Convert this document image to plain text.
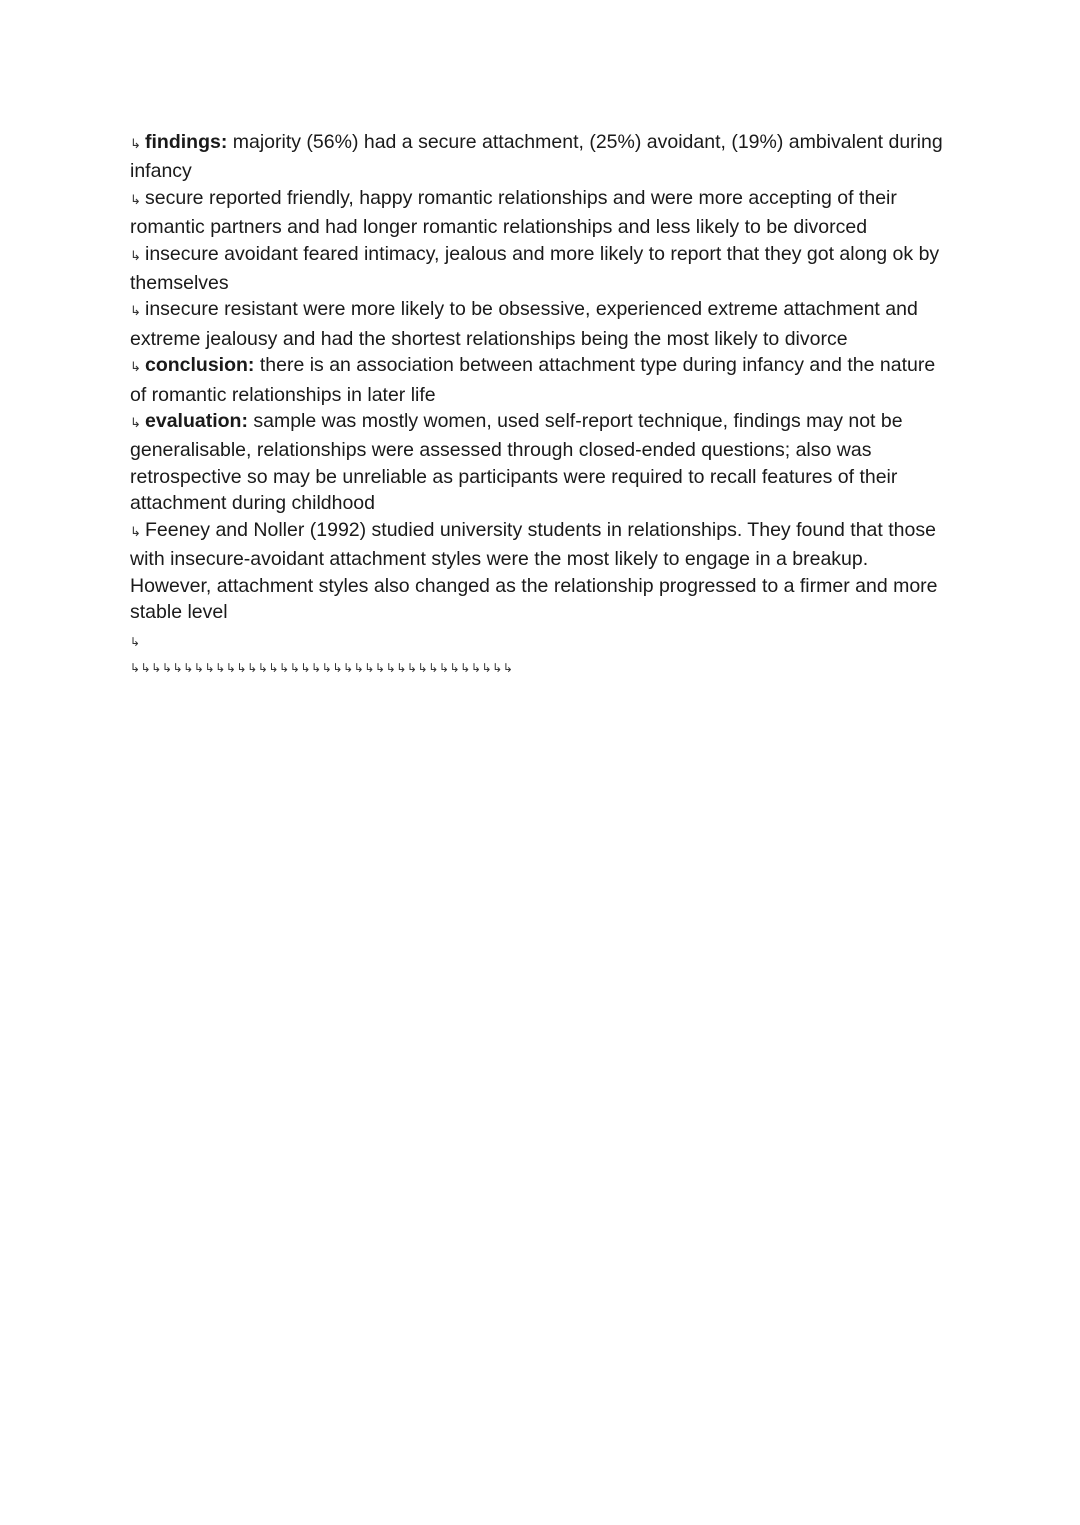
↳ findings: majority (56%) had a secure attachment, (25%) avoidant, (19%) ambivalent during infancy

↳ secure reported friendly, happy romantic relationships and were more accepting of their romantic partners and had longer romantic relationships and less likely to be divorced

↳ insecure avoidant feared intimacy, jealous and more likely to report that they got along ok by themselves

↳ insecure resistant were more likely to be obsessive, experienced extreme attachment and extreme jealousy and had the shortest relationships being the most likely to divorce

↳ conclusion: there is an association between attachment type during infancy and the nature of romantic relationships in later life

↳ evaluation: sample was mostly women, used self-report technique, findings may not be generalisable, relationships were assessed through closed-ended questions; also was retrospective so may be unreliable as participants were required to recall features of their attachment during childhood

↳ Feeney and Noller (1992) studied university students in relationships. They found that those with insecure-avoidant attachment styles were the most likely to engage in a breakup. However, attachment styles also changed as the relationship progressed to a firmer and more stable level

↳

↳↳↳↳↳↳↳↳↳↳↳↳↳↳↳↳↳↳↳↳↳↳↳↳↳↳↳↳↳↳↳↳↳↳↳↳
